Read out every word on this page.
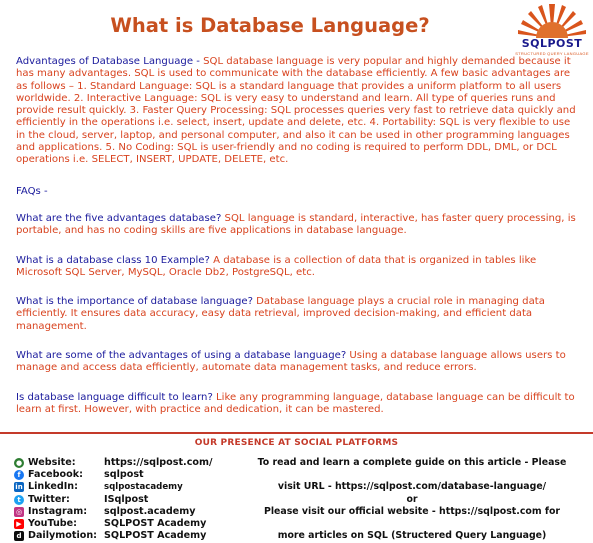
What is Database Language?
SQLPOST
STRUCTURED QUERY LANGUAGE

Advantages of Database Language - SQL database language is very popular and highly demanded because it has many advantages. SQL is used to communicate with the database efficiently. A few basic advantages are as follows – 1. Standard Language: SQL is a standard language that provides a uniform platform to all users worldwide. 2. Interactive Language: SQL is very easy to understand and learn. All type of queries runs and provide result quickly. 3. Faster Query Processing: SQL processes queries very fast to retrieve data quickly and efficiently in the operations i.e. select, insert, update and delete, etc. 4. Portability: SQL is very flexible to use in the cloud, server, laptop, and personal computer, and also it can be used in other programming languages and applications. 5. No Coding: SQL is user-friendly and no coding is required to perform DDL, DML, or DCL operations i.e. SELECT, INSERT, UPDATE, DELETE, etc.

FAQs -

What are the five advantages database? SQL language is standard, interactive, has faster query processing, is portable, and has no coding skills are five applications in database language.

What is a database class 10 Example? A database is a collection of data that is organized in tables like Microsoft SQL Server, MySQL, Oracle Db2, PostgreSQL, etc.

What is the importance of database language? Database language plays a crucial role in managing data efficiently. It ensures data accuracy, easy data retrieval, improved decision-making, and efficient data management.

What are some of the advantages of using a database language? Using a database language allows users to manage and access data efficiently, automate data management tasks, and reduce errors.

Is database language difficult to learn? Like any programming language, database language can be difficult to learn at first. However, with practice and dedication, it can be mastered.

OUR PRESENCE AT SOCIAL PLATFORMS
● Website:	https://sqlpost.com/
f Facebook: sqlpost
in LinkedIn:	sqlpostacademy
t Twitter:	ISqlpost
◎ Instagram: sqlpost.academy
▶ YouTube:	SQLPOST Academy
d Dailymotion: SQLPOST Academy
To read and learn a complete guide on this article - Please
visit URL - https://sqlpost.com/database-language/
or
Please visit our official website - https://sqlpost.com for
more articles on SQL (Structered Query Language)
